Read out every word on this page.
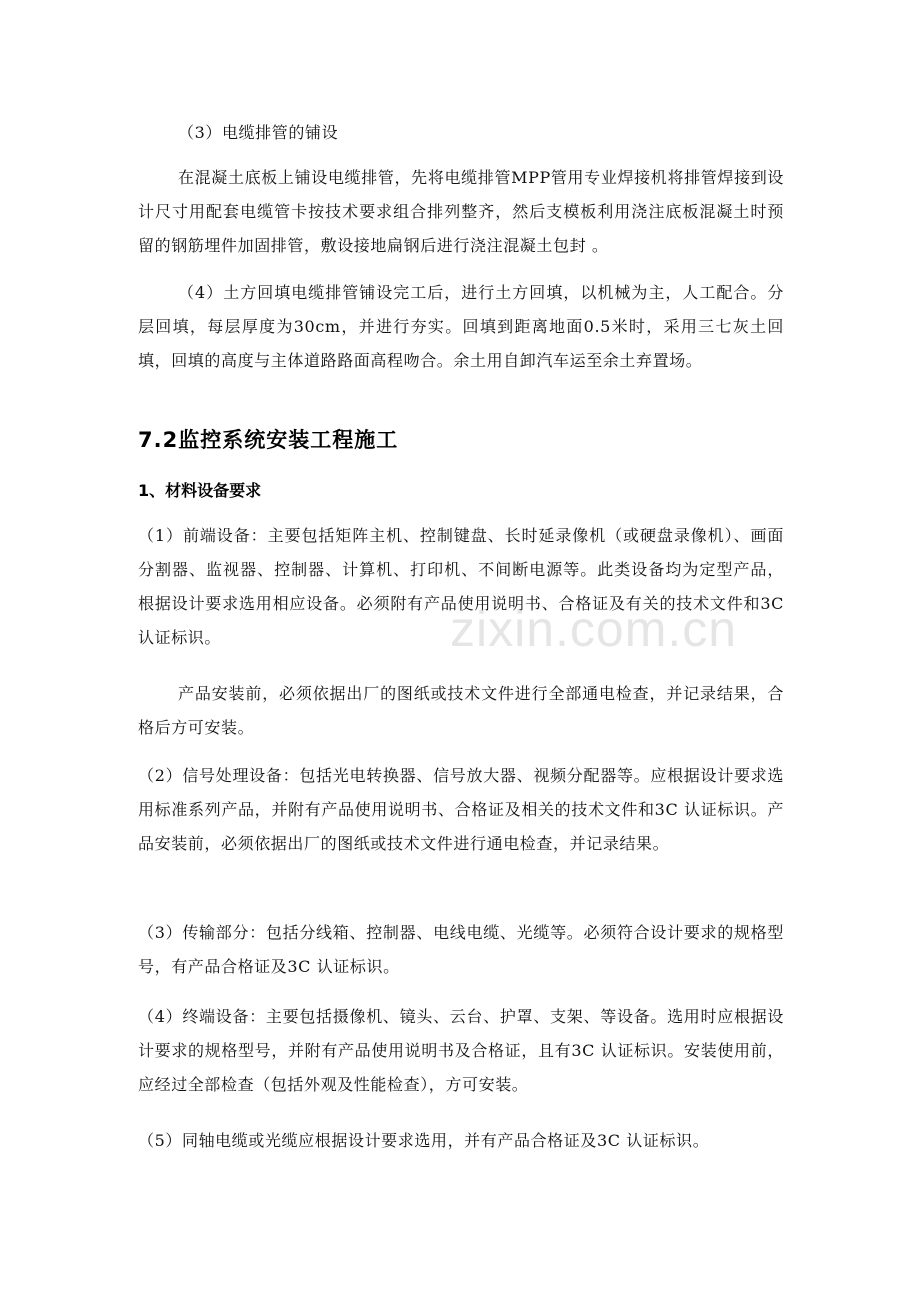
（3）电缆排管的铺设

在混凝土底板上铺设电缆排管，先将电缆排管MPP管用专业焊接机将排管焊接到设计尺寸用配套电缆管卡按技术要求组合排列整齐，然后支模板利用浇注底板混凝土时预留的钢筋埋件加固排管，敷设接地扁钢后进行浇注混凝土包封 。

（4）土方回填电缆排管铺设完工后，进行土方回填，以机械为主，人工配合。分层回填，每层厚度为30cm，并进行夯实。回填到距离地面0.5米时，采用三七灰土回填，回填的高度与主体道路路面高程吻合。余土用自卸汽车运至余土弃置场。

7.2监控系统安装工程施工
1、材料设备要求

（1）前端设备：主要包括矩阵主机、控制键盘、长时延录像机（或硬盘录像机）、画面分割器、监视器、控制器、计算机、打印机、不间断电源等。此类设备均为定型产品，根据设计要求选用相应设备。必须附有产品使用说明书、合格证及有关的技术文件和3C 认证标识。

产品安装前，必须依据出厂的图纸或技术文件进行全部通电检查，并记录结果，合格后方可安装。

（2）信号处理设备：包括光电转换器、信号放大器、视频分配器等。应根据设计要求选用标准系列产品，并附有产品使用说明书、合格证及相关的技术文件和3C 认证标识。产品安装前，必须依据出厂的图纸或技术文件进行通电检查，并记录结果。

（3）传输部分：包括分线箱、控制器、电线电缆、光缆等。必须符合设计要求的规格型号，有产品合格证及3C 认证标识。

（4）终端设备：主要包括摄像机、镜头、云台、护罩、支架、等设备。选用时应根据设计要求的规格型号，并附有产品使用说明书及合格证，且有3C 认证标识。安装使用前，应经过全部检查（包括外观及性能检查），方可安装。

（5）同轴电缆或光缆应根据设计要求选用，并有产品合格证及3C 认证标识。

zixin.com.cn
